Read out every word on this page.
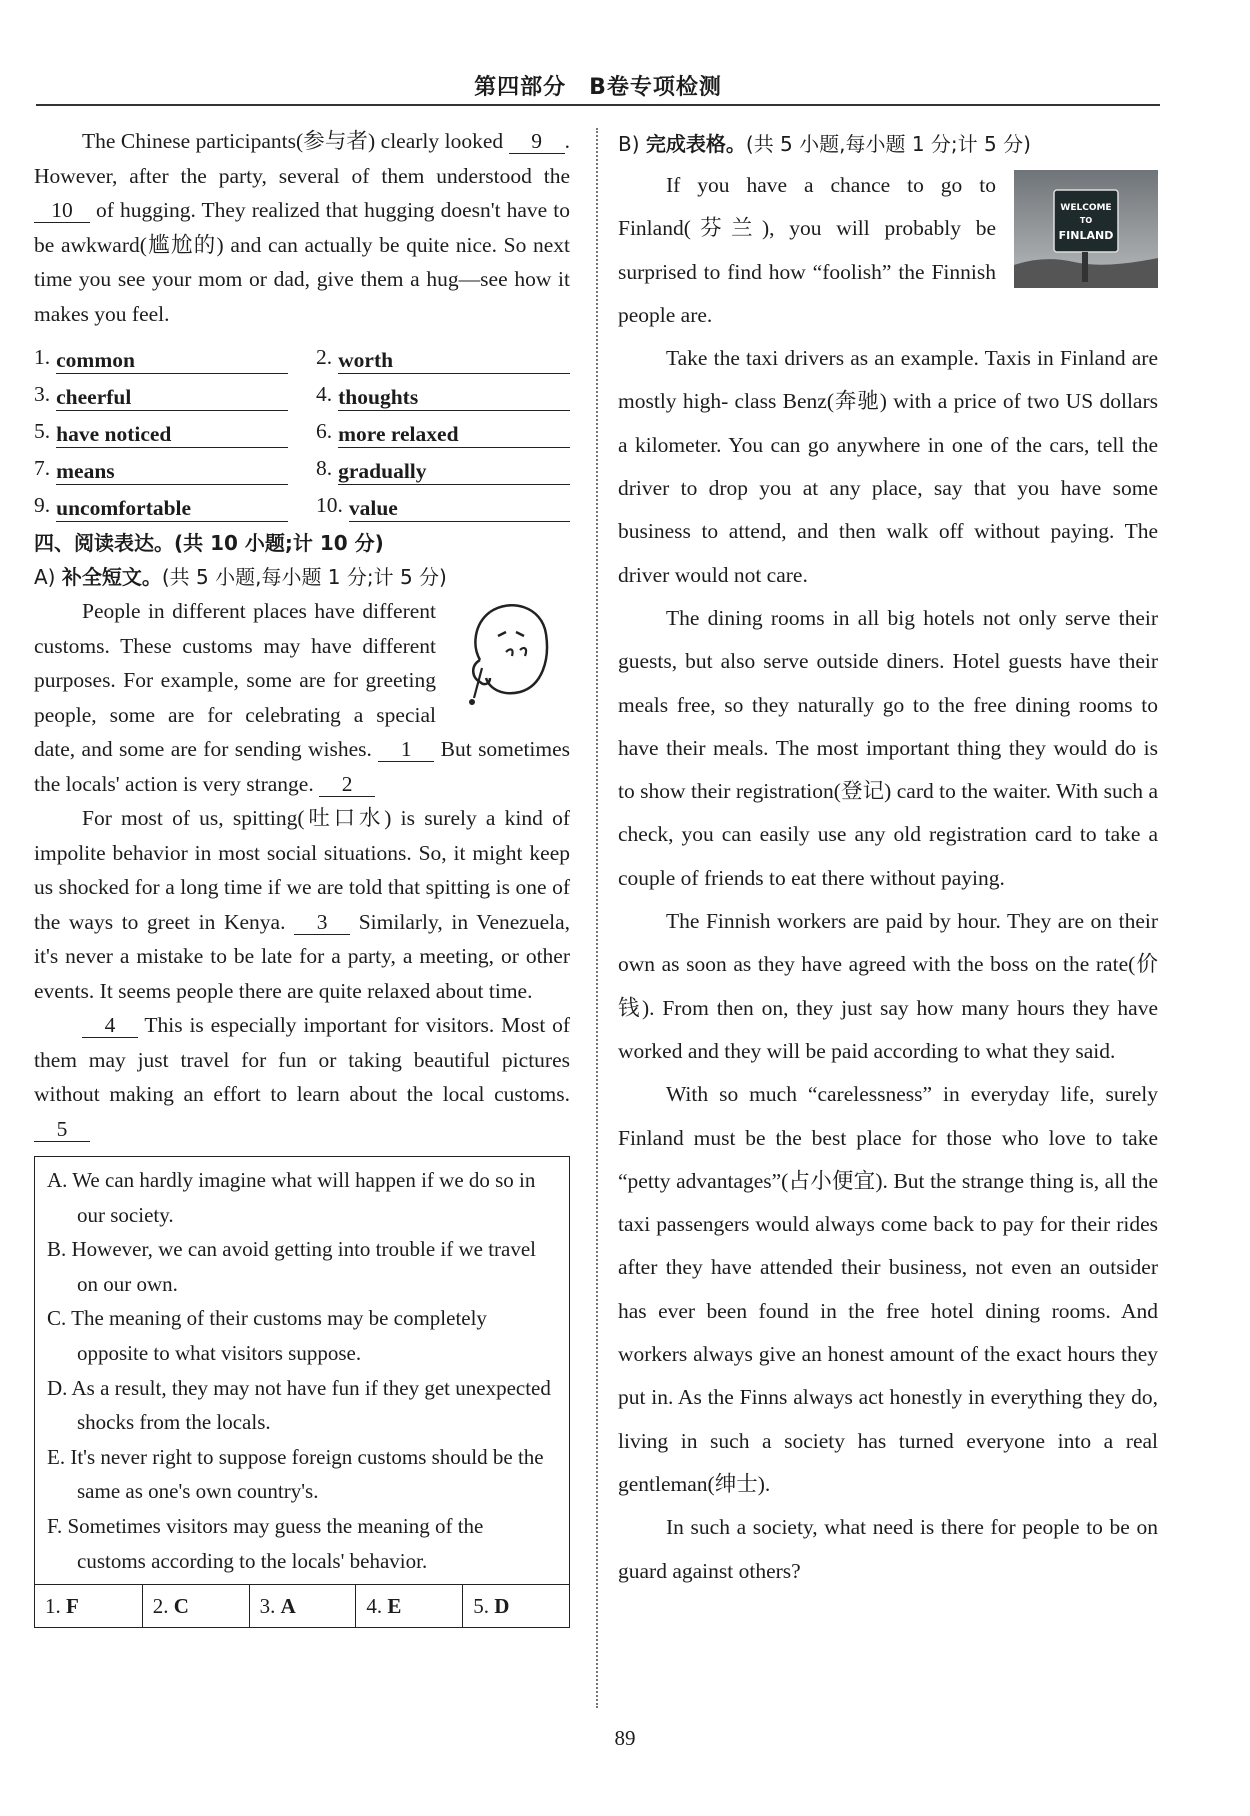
第四部分　B卷专项检测

The Chinese participants(参与者) clearly looked 9 . However, after the party, several of them understood the 10 of hugging. They realized that hugging doesn't have to be awkward(尴尬的) and can actually be quite nice. So next time you see your mom or dad, give them a hug—see how it makes you feel.

1. common	2. worth
3. cheerful	4. thoughts
5. have noticed	6. more relaxed
7. means	8. gradually
9. uncomfortable	10. value
四、阅读表达。(共 10 小题;计 10 分)
A) 补全短文。(共 5 小题,每小题 1 分;计 5 分)

People in different places have different customs. These customs may have different purposes. For example, some are for greeting people, some are for celebrating a special date, and some are for sending wishes. 1 But sometimes the locals' action is very strange. 2

For most of us, spitting(吐口水) is surely a kind of impolite behavior in most social situations. So, it might keep us shocked for a long time if we are told that spitting is one of the ways to greet in Kenya. 3 Similarly, in Venezuela, it's never a mistake to be late for a party, a meeting, or other events. It seems people there are quite relaxed about time.

4 This is especially important for visitors. Most of them may just travel for fun or taking beautiful pictures without making an effort to learn about the local customs. 5

A. We can hardly imagine what will happen if we do so in our society.
B. However, we can avoid getting into trouble if we travel on our own.
C. The meaning of their customs may be completely opposite to what visitors suppose.
D. As a result, they may not have fun if they get unexpected shocks from the locals.
E. It's never right to suppose foreign customs should be the same as one's own country's.
F. Sometimes visitors may guess the meaning of the customs according to the locals' behavior.
1. F	2. C	3. A	4. E	5. D
B) 完成表格。(共 5 小题,每小题 1 分;计 5 分)

WELCOME
TO
FINLAND
If you have a chance to go to Finland(芬兰), you will probably be surprised to find how “foolish” the Finnish people are.

Take the taxi drivers as an example. Taxis in Finland are mostly high- class Benz(奔驰) with a price of two US dollars a kilometer. You can go anywhere in one of the cars, tell the driver to drop you at any place, say that you have some business to attend, and then walk off without paying. The driver would not care.

The dining rooms in all big hotels not only serve their guests, but also serve outside diners. Hotel guests have their meals free, so they naturally go to the free dining rooms to have their meals. The most important thing they would do is to show their registration(登记) card to the waiter. With such a check, you can easily use any old registration card to take a couple of friends to eat there without paying.

The Finnish workers are paid by hour. They are on their own as soon as they have agreed with the boss on the rate(价钱). From then on, they just say how many hours they have worked and they will be paid according to what they said.

With so much “carelessness” in everyday life, surely Finland must be the best place for those who love to take “petty advantages”(占小便宜). But the strange thing is, all the taxi passengers would always come back to pay for their rides after they have attended their business, not even an outsider has ever been found in the free hotel dining rooms. And workers always give an honest amount of the exact hours they put in. As the Finns always act honestly in everything they do, living in such a society has turned everyone into a real gentleman(绅士).

In such a society, what need is there for people to be on guard against others?

89
